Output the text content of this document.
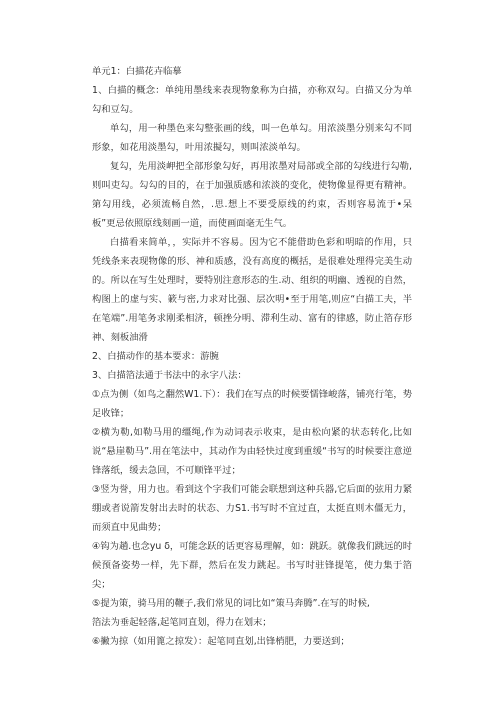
单元1：白描花卉临摹

1、白描的概念：单纯用墨线来表现物象称为白描，亦称双勾。白描又分为单勾和豆勾。

单勾，用一种墨色来勾整张画的线，叫一色单勾。用浓淡墨分别来勾不同形象，如花用淡墨勾，叶用浓擬勾，则叫浓淡单勾。

复勾，先用淡岬把全部形象勾好，再用浓墨对局部或全部的勾线进行勾勒,则叫吏勾。勾勾的目的，在于加强质感和浓淡的变化，使物像显得更有精神。第勾用线，必须流畅自然，.思.想上不要受原线的约束，否则容易流于•呆板”更忌依照原线刻画一道，而使画面毫无生气。

白描看来简单，，实际并不容易。因为它不能借助色彩和明暗的作用，只凭线条来表现物像的形、神和质感，没有高度的概括，是很难处理得完美生动的。所以在写生处理时，要特别注意形态的生.动、组织的明幽、透视的自然，构图上的虚与实、簌与密,力求对比强、层次明•至于用笔,则应“白描工夫，半在笔端”.用笔务求刚柔相济，顿挫分明、滞利生动、富有的律感，防止箔存形神、刻板油滑

2、白描动作的基本要求：游腕

3、白描箔法通于书法中的永字八法：

①点为侧（如鸟之翻然W1.下）：我们在写点的时候要懦锋峻落，铺亮行笔，势足收锋；

②横为勒,如勒马用的缰绳,作为动词表示收束，是由松向紧的状态转化,比如说“悬崖勒马”.用在笔法中，其动作为由轻快过度到重缓“书写的时候要注意逆锋落纸，缓去急回，不可顺锋平过；

③竖为誉，用力也。看到这个字我们可能会联想到这种兵器,它后面的弦用力紧绷或者说箭发射出去时的状态、力S1.书写时不宜过直，太挺直则木僵无力，而须直中见曲势；

④钩为趟.也念yu δ，可能念跃的话更容易理解，如：跳跃。就像我们跳远的时候预备姿势一样，先下群，然后在发力跳起。书写时驻锋提笔，使力集于箔尖；

⑤提为策，骑马用的鞭子,我们常见的词比如“策马奔腾”.在写的时候,

箔法为垂起轻落,起笔同直划，得力在划末；

⑥撇为掠（如用篦之掠发）：起笔同直划,出锋梢肥，力要送到；
